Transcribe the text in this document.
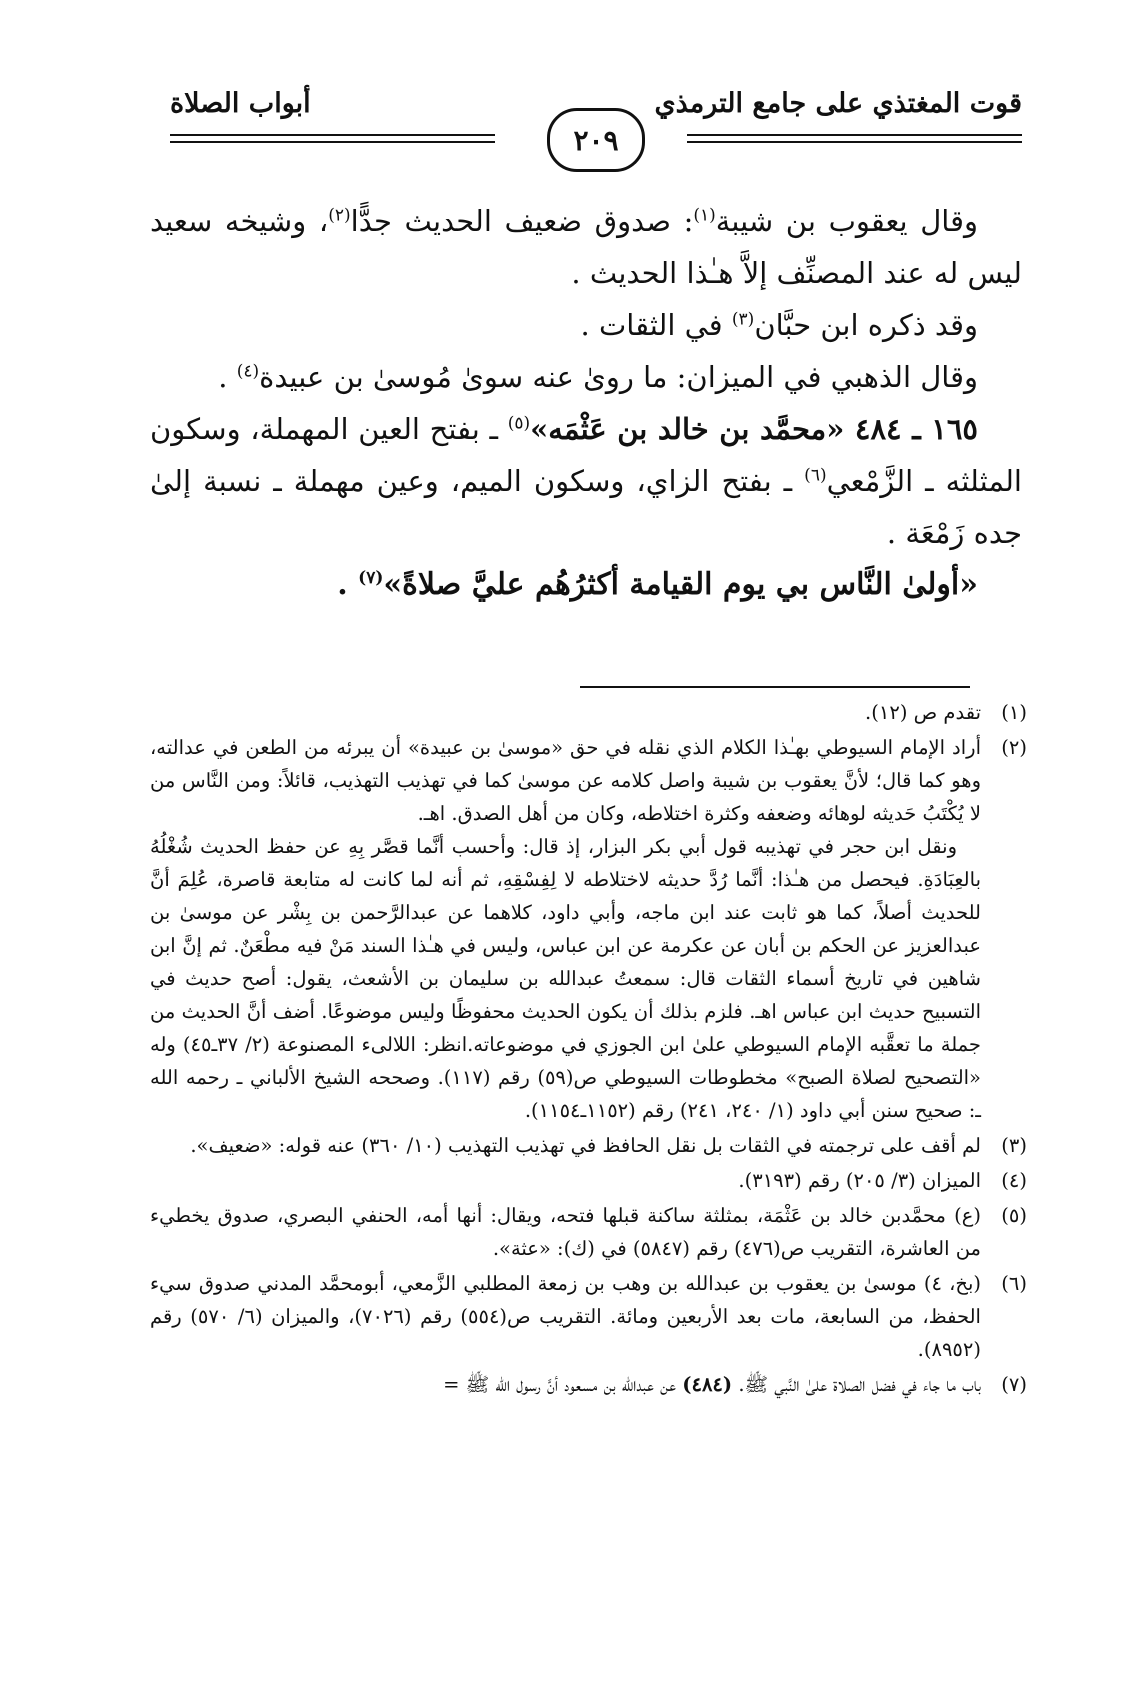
قوت المغتذي على جامع الترمذي
٢٠٩
أبواب الصلاة

وقال يعقوب بن شيبة$^{(١)}$: صدوق ضعيف الحديث جدًّا$^{(٢)}$، وشيخه سعيد ليس له عند المصنِّف إلاَّ هـٰذا الحديث .

وقد ذكره ابن حبَّان$^{(٣)}$ في الثقات .

وقال الذهبي في الميزان: ما روىٰ عنه سوىٰ مُوسىٰ بن عبيدة$^{(٤)}$ .

١٦٥ ـ ٤٨٤ «محمَّد بن خالد بن عَثْمَه»$^{(٥)}$ ـ بفتح العين المهملة، وسكون المثلثه ـ الزَّمْعي$^{(٦)}$ ـ بفتح الزاي، وسكون الميم، وعين مهملة ـ نسبة إلىٰ جده زَمْعَة .

«أولىٰ النَّاس بي يوم القيامة أكثرُهُم عليَّ صلاةً»$^{(٧)}$ .

(١)

تقدم ص (١٢).

(٢)

أراد الإمام السيوطي بهـٰذا الكلام الذي نقله في حق «موسىٰ بن عبيدة» أن يبرئه من الطعن في عدالته، وهو كما قال؛ لأنَّ يعقوب بن شيبة واصل كلامه عن موسىٰ كما في تهذيب التهذيب، قائلاً: ومن النَّاس من لا يُكْتَبُ حَديثه لوهائه وضعفه وكثرة اختلاطه، وكان من أهل الصدق. اهـ.

ونقل ابن حجر في تهذيبه قول أبي بكر البزار، إذ قال: وأحسب أنَّما قصَّر بِهِ عن حفظ الحديث شُغْلُهُ بالعِبَادَةِ. فيحصل من هـٰذا: أنَّما رُدَّ حديثه لاختلاطه لا لِفِسْقِهِ، ثم أنه لما كانت له متابعة قاصرة، عُلِمَ أنَّ للحديث أصلاً، كما هو ثابت عند ابن ماجه، وأبي داود، كلاهما عن عبدالرَّحمن بن بِشْر عن موسىٰ بن عبدالعزيز عن الحكم بن أبان عن عكرمة عن ابن عباس، وليس في هـٰذا السند مَنْ فيه مطْعَنٌ. ثم إنَّ ابن شاهين في تاريخ أسماء الثقات قال: سمعتُ عبدالله بن سليمان بن الأشعث، يقول: أصح حديث في التسبيح حديث ابن عباس اهـ. فلزم بذلك أن يكون الحديث محفوظًا وليس موضوعًا. أضف أنَّ الحديث من جملة ما تعقَّبه الإمام السيوطي علىٰ ابن الجوزي في موضوعاته.انظر: اللالىء المصنوعة (٢/ ٣٧ـ٤٥) وله «التصحيح لصلاة الصبح» مخطوطات السيوطي ص(٥٩) رقم (١١٧). وصححه الشيخ الألباني ـ رحمه الله ـ: صحيح سنن أبي داود (١/ ٢٤٠، ٢٤١) رقم (١١٥٢ـ١١٥٤).

(٣)

لم أقف على ترجمته في الثقات بل نقل الحافظ في تهذيب التهذيب (١٠/ ٣٦٠) عنه قوله: «ضعيف».

(٤)

الميزان (٣/ ٢٠٥) رقم (٣١٩٣).

(٥)

(ع) محمَّدبن خالد بن عَثْمَة، بمثلثة ساكنة قبلها فتحه، ويقال: أنها أمه، الحنفي البصري، صدوق يخطيء من العاشرة، التقريب ص(٤٧٦) رقم (٥٨٤٧) في (ك): «عثة».

(٦)

(بخ، ٤) موسىٰ بن يعقوب بن عبدالله بن وهب بن زمعة المطلبي الزَّمعي، أبومحمَّد المدني صدوق سيء الحفظ، من السابعة، مات بعد الأربعين ومائة. التقريب ص(٥٥٤) رقم (٧٠٢٦)، والميزان (٦/ ٥٧٠) رقم (٨٩٥٢).

(٧)

باب ما جاء في فضل الصلاة علىٰ النَّبي ﷺ. (٤٨٤) عن عبدالله بن مسعود أنَّ رسول الله ﷺ =
